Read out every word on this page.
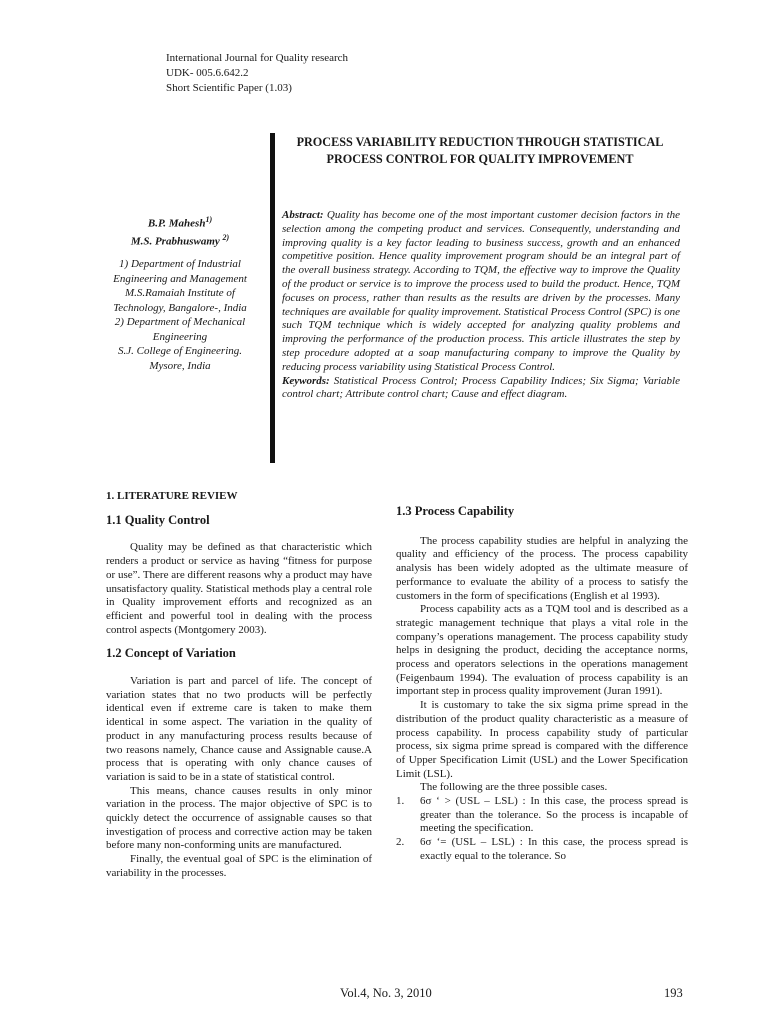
International Journal for Quality research
UDK- 005.6.642.2
Short Scientific Paper (1.03)
PROCESS VARIABILITY REDUCTION THROUGH STATISTICAL PROCESS CONTROL FOR QUALITY IMPROVEMENT
B.P. Mahesh$^{1)}$
M.S. Prabhuswamy $^{2)}$
1) Department of Industrial
Engineering and Management
M.S.Ramaiah Institute of
Technology, Bangalore-, India
2) Department of Mechanical
Engineering
S.J. College of Engineering.
Mysore, India
Abstract: Quality has become one of the most important customer decision factors in the selection among the competing product and services. Consequently, understanding and improving quality is a key factor leading to business success, growth and an enhanced competitive position. Hence quality improvement program should be an integral part of the overall business strategy. According to TQM, the effective way to improve the Quality of the product or service is to improve the process used to build the product. Hence, TQM focuses on process, rather than results as the results are driven by the processes. Many techniques are available for quality improvement. Statistical Process Control (SPC) is one such TQM technique which is widely accepted for analyzing quality problems and improving the performance of the production process. This article illustrates the step by step procedure adopted at a soap manufacturing company to improve the Quality by reducing process variability using Statistical Process Control.
Keywords: Statistical Process Control; Process Capability Indices; Six Sigma; Variable control chart; Attribute control chart; Cause and effect diagram.
1. LITERATURE REVIEW
1.1 Quality Control

Quality may be defined as that characteristic which renders a product or service as having “fitness for purpose or use”. There are different reasons why a product may have unsatisfactory quality. Statistical methods play a central role in Quality improvement efforts and recognized as an efficient and powerful tool in dealing with the process control aspects (Montgomery 2003).

1.2 Concept of Variation

Variation is part and parcel of life. The concept of variation states that no two products will be perfectly identical even if extreme care is taken to make them identical in some aspect. The variation in the quality of product in any manufacturing process results because of two reasons namely, Chance cause and Assignable cause.A process that is operating with only chance causes of variation is said to be in a state of statistical control.

This means, chance causes results in only minor variation in the process. The major objective of SPC is to quickly detect the occurrence of assignable causes so that investigation of process and corrective action may be taken before many non-conforming units are manufactured.

Finally, the eventual goal of SPC is the elimination of variability in the processes.

1.3 Process Capability

The process capability studies are helpful in analyzing the quality and efficiency of the process. The process capability analysis has been widely adopted as the ultimate measure of performance to evaluate the ability of a process to satisfy the customers in the form of specifications (English et al 1993).

Process capability acts as a TQM tool and is described as a strategic management technique that plays a vital role in the company’s operations management. The process capability study helps in designing the product, deciding the acceptance norms, process and operators selections in the operations management (Feigenbaum 1994). The evaluation of process capability is an important step in process quality improvement (Juran 1991).

It is customary to take the six sigma prime spread in the distribution of the product quality characteristic as a measure of process capability. In process capability study of particular process, six sigma prime spread is compared with the difference of Upper Specification Limit (USL) and the Lower Specification Limit (LSL).

The following are the three possible cases.

1.	6σ ‘ > (USL – LSL) : In this case, the process spread is greater than the tolerance. So the process is incapable of meeting the specification.
2.	6σ ‘= (USL – LSL) : In this case, the process spread is exactly equal to the tolerance. So
Vol.4, No. 3, 2010	193
